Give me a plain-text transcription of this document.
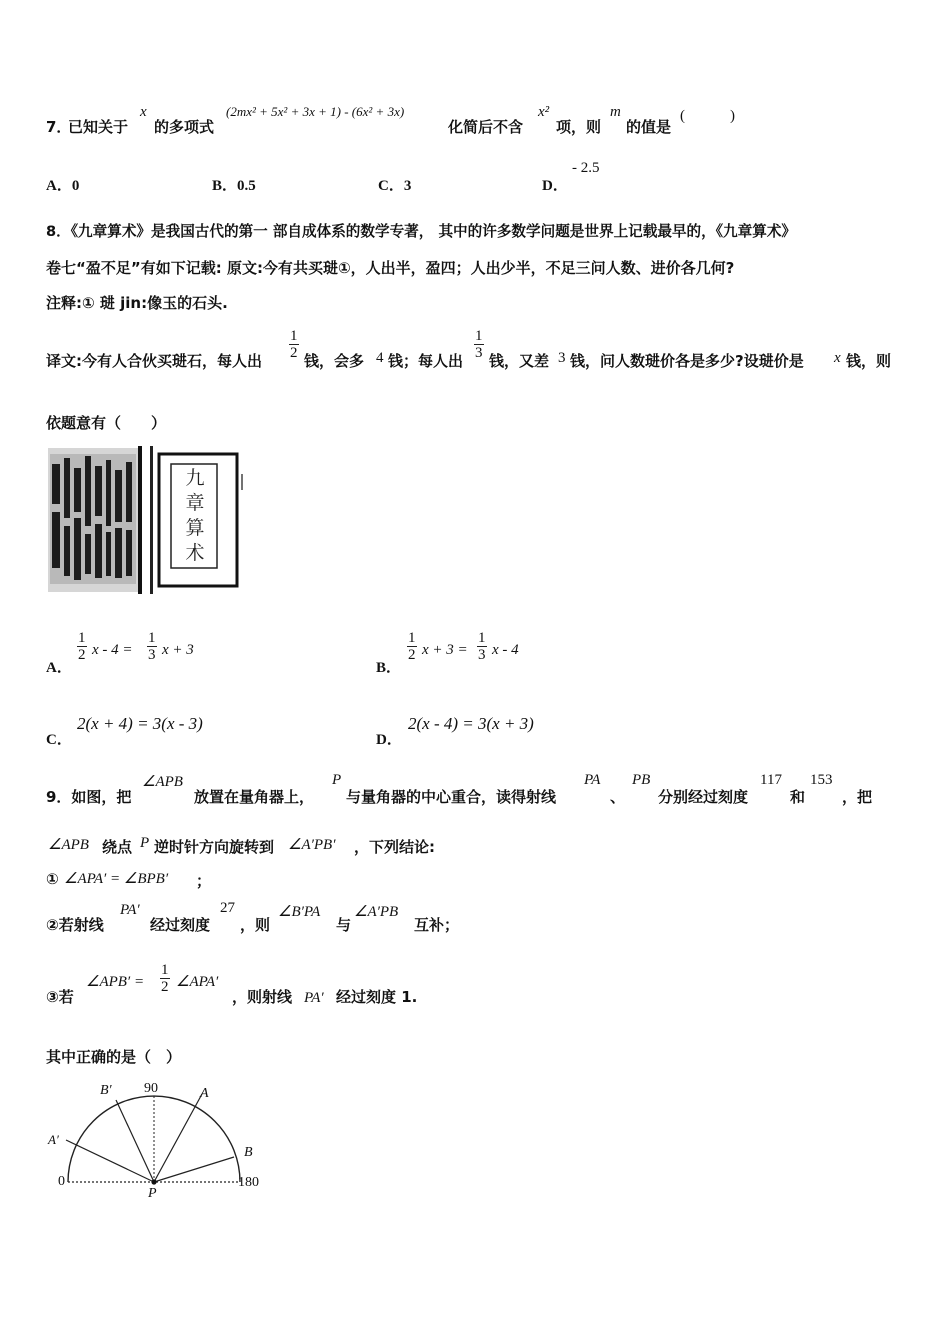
7．
已知关于
x
的多项式
(2mx² + 5x² + 3x + 1) - (6x² + 3x)
化简后不含
x²
项，则
m
的值是
(　　　)
A．0	B．0.5	C．3	D．
- 2.5
8．《九章算术》是我国古代的第一 部自成体系的数学专著， 其中的许多数学问题是世界上记载最早的，《九章算术》
卷七“盈不足”有如下记载: 原文:今有共买琎①，人出半，盈四；人出少半，不足三问人数、进价各几何?
注释:① 琎 jin:像玉的石头.
译文:今有人合伙买琎石，每人出 $\frac{1}{2}$ 钱，会多 4 钱；每人出 $\frac{1}{3}$ 钱，又差 3 钱，问人数琎价各是多少?设琎价是 x 钱，则
依题意有（　　）
九
章
算
术
A．
$\frac{1}{2}$ $x - 4 = \frac{1}{3}$ x + 3
B．
$\frac{1}{2}$ $x + 3 = \frac{1}{3}$ x - 4
C．
2(x + 4) = 3(x - 3)
D．
2(x - 4) = 3(x + 3)
9．如图，把
∠APB
放置在量角器上，
P
与量角器的中心重合，读得射线
PA
、
PB
分别经过刻度
117
和
153
，把
∠APB 绕点 P 逆时针方向旋转到 ∠A′PB′ ，下列结论:
① ∠APA′ = ∠BPB′ ；
②若射线
PA′
经过刻度
27
，则
∠B′PA
与
∠A′PB
互补；
③若
∠APB′ = $\frac{1}{2}$ ∠APA′
，则射线 PA′ 经过刻度 1.
其中正确的是（　）
90
0	180
A
B
A′
B′
P
